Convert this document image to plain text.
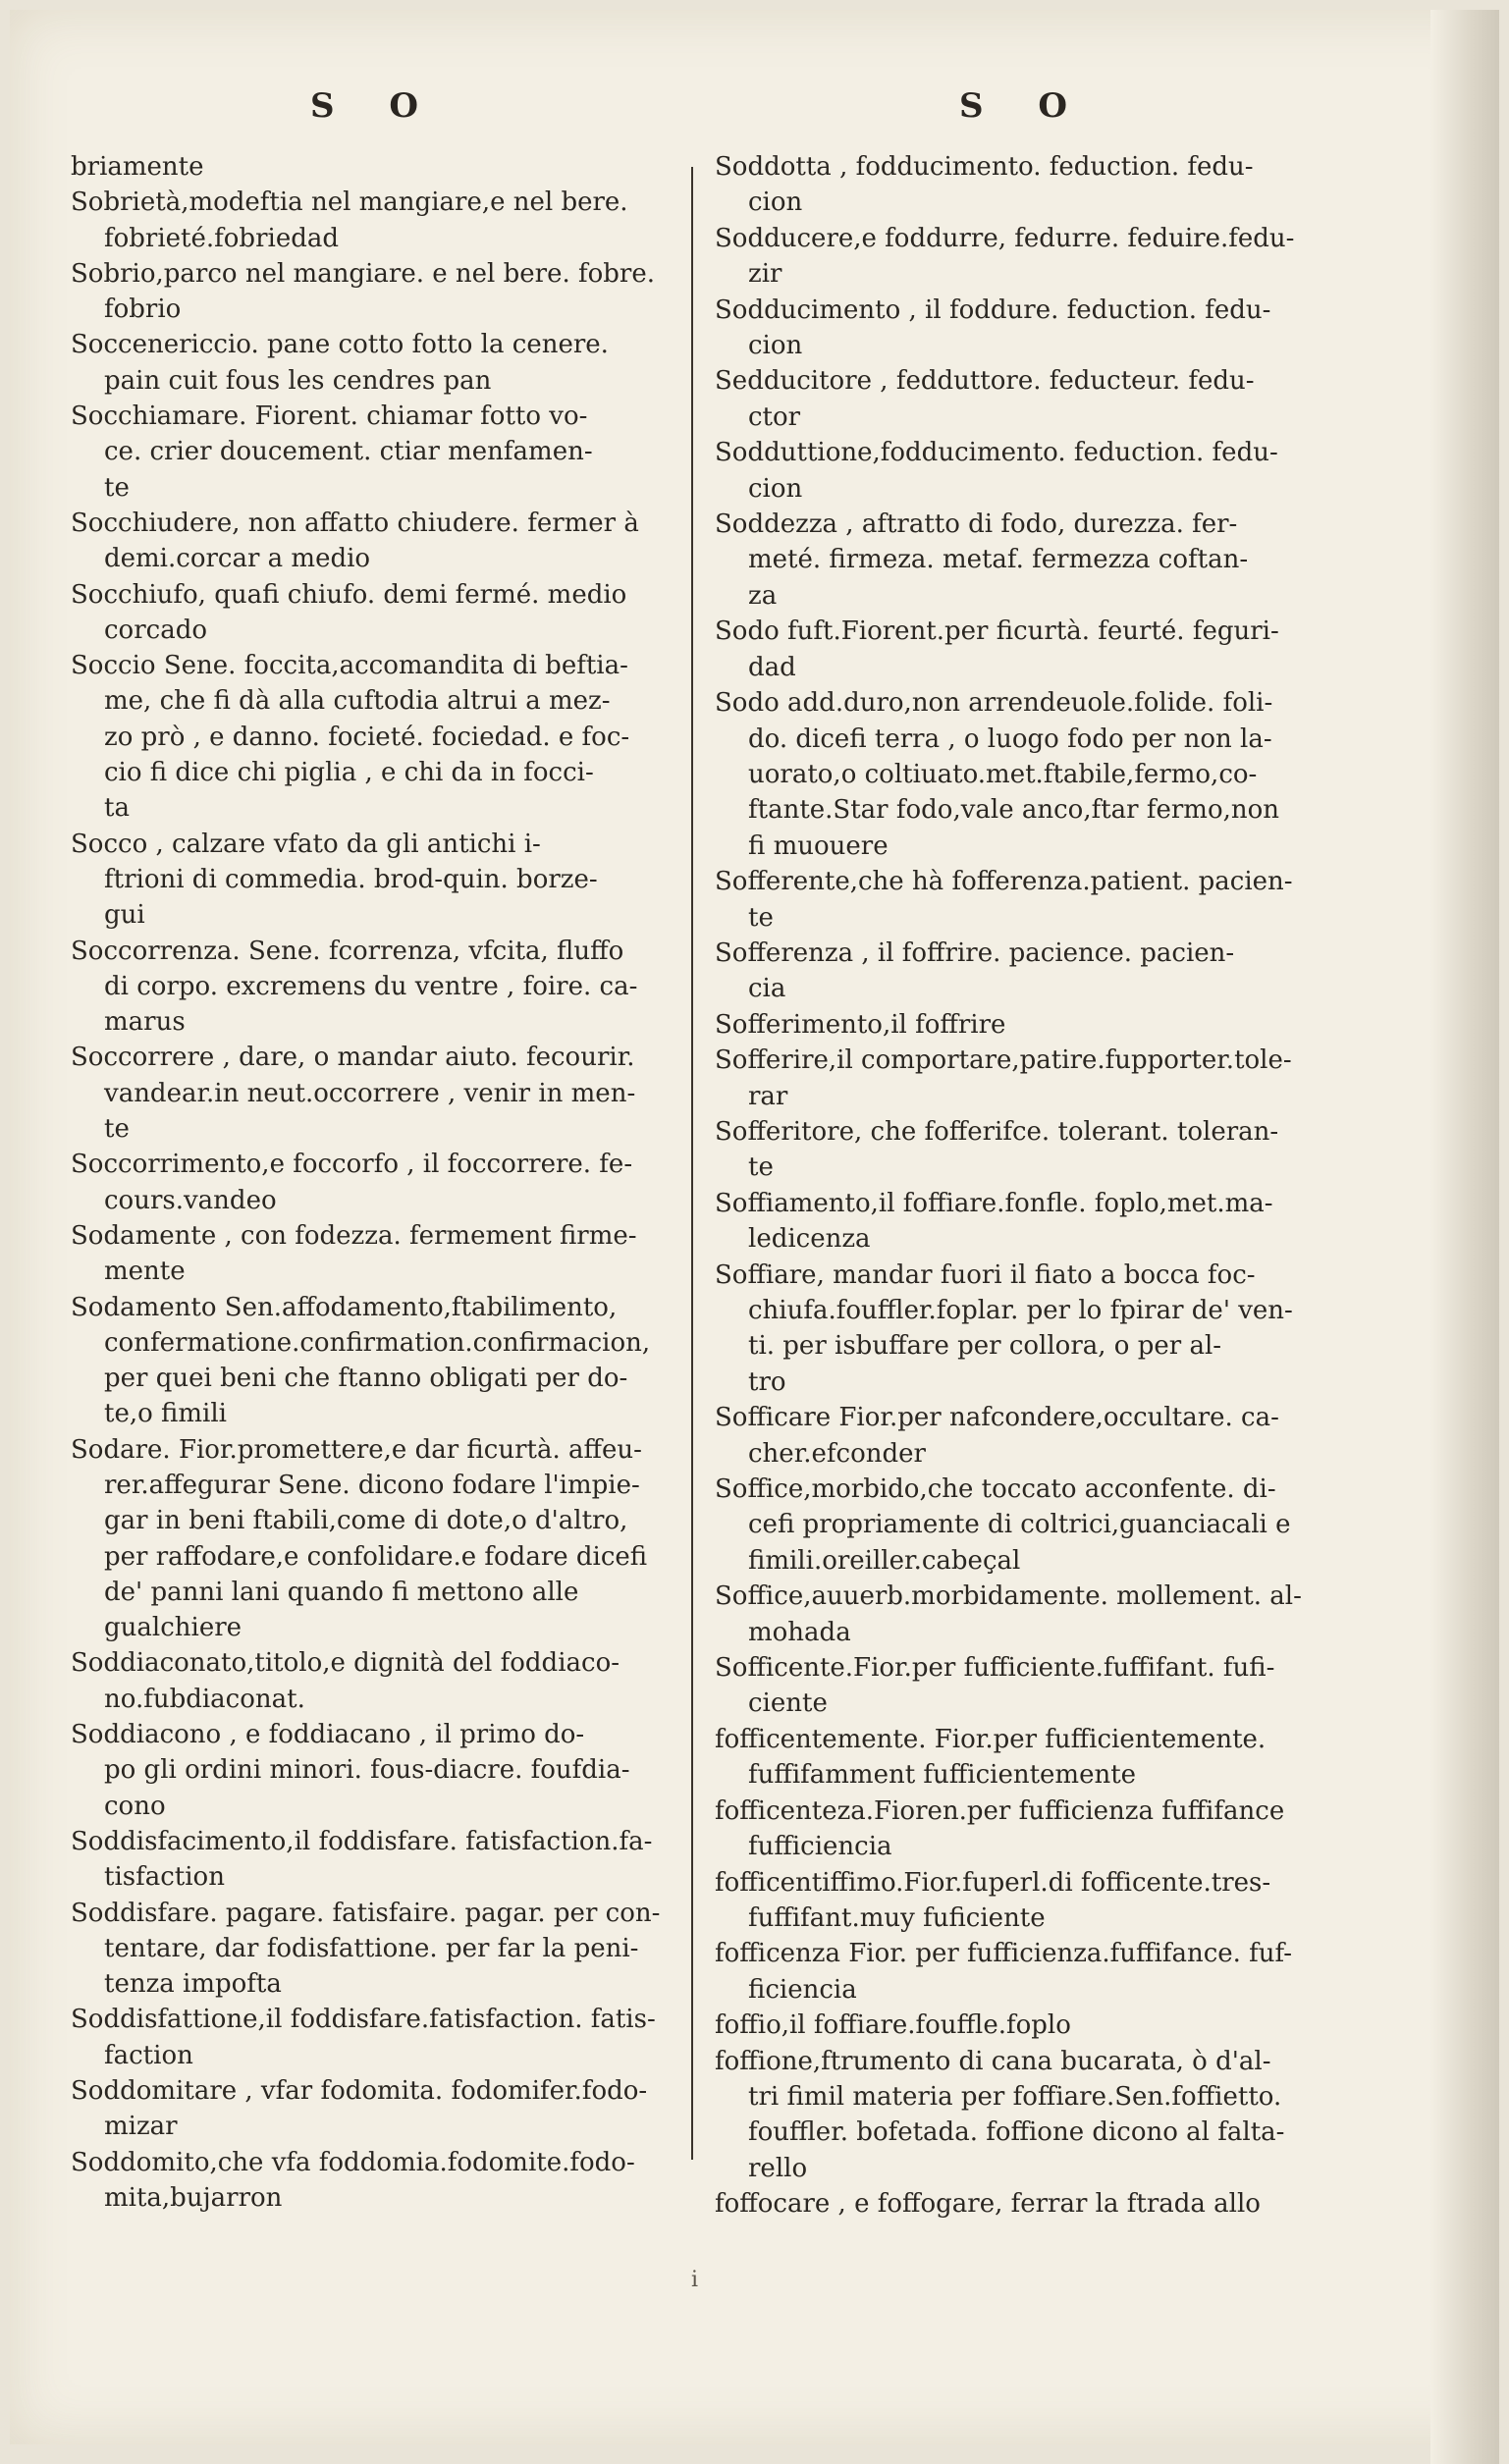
S O
briamente
Sobrietà,modeftia nel mangiare,e nel bere.
fobrieté.fobriedad
Sobrio,parco nel mangiare. e nel bere. fobre.
fobrio
Soccenericcio. pane cotto fotto la cenere.
pain cuit fous les cendres pan
Socchiamare. Fiorent. chiamar fotto vo-
ce. crier doucement. ctiar menfamen-
te
Socchiudere, non affatto chiudere. fermer à
demi.corcar a medio
Socchiufo, quafi chiufo. demi fermé. medio
corcado
Soccio Sene. foccita,accomandita di beftia-
me, che fi dà alla cuftodia altrui a mez-
zo prò , e danno. focieté. fociedad. e foc-
cio fi dice chi piglia , e chi da in focci-
ta
Socco , calzare vfato da gli antichi i-
ftrioni di commedia. brod-quin. borze-
gui
Soccorrenza. Sene. fcorrenza, vfcita, fluffo
di corpo. excremens du ventre , foire. ca-
marus
Soccorrere , dare, o mandar aiuto. fecourir.
vandear.in neut.occorrere , venir in men-
te
Soccorrimento,e foccorfo , il foccorrere. fe-
cours.vandeo
Sodamente , con fodezza. fermement firme-
mente
Sodamento Sen.affodamento,ftabilimento,
confermatione.confirmation.confirmacion,
per quei beni che ftanno obligati per do-
te,o fimili
Sodare. Fior.promettere,e dar ficurtà. affeu-
rer.affegurar Sene. dicono fodare l'impie-
gar in beni ftabili,come di dote,o d'altro,
per raffodare,e confolidare.e fodare dicefi
de' panni lani quando fi mettono alle
gualchiere
Soddiaconato,titolo,e dignità del foddiaco-
no.fubdiaconat.
Soddiacono , e foddiacano , il primo do-
po gli ordini minori. fous-diacre. foufdia-
cono
Soddisfacimento,il foddisfare. fatisfaction.fa-
tisfaction
Soddisfare. pagare. fatisfaire. pagar. per con-
tentare, dar fodisfattione. per far la peni-
tenza impofta
Soddisfattione,il foddisfare.fatisfaction. fatis-
faction
Soddomitare , vfar fodomita. fodomifer.fodo-
mizar
Soddomito,che vfa foddomia.fodomite.fodo-
mita,bujarron
S O
Soddotta , fodducimento. feduction. fedu-
cion
Sodducere,e foddurre, fedurre. feduire.fedu-
zir
Sodducimento , il foddure. feduction. fedu-
cion
Sedducitore , fedduttore. feducteur. fedu-
ctor
Sodduttione,fodducimento. feduction. fedu-
cion
Soddezza , aftratto di fodo, durezza. fer-
meté. firmeza. metaf. fermezza coftan-
za
Sodo fuft.Fiorent.per ficurtà. feurté. feguri-
dad
Sodo add.duro,non arrendeuole.folide. foli-
do. dicefi terra , o luogo fodo per non la-
uorato,o coltiuato.met.ftabile,fermo,co-
ftante.Star fodo,vale anco,ftar fermo,non
fi muouere
Sofferente,che hà fofferenza.patient. pacien-
te
Sofferenza , il foffrire. pacience. pacien-
cia
Sofferimento,il foffrire
Sofferire,il comportare,patire.fupporter.tole-
rar
Sofferitore, che fofferifce. tolerant. toleran-
te
Soffiamento,il foffiare.fonfle. foplo,met.ma-
ledicenza
Soffiare, mandar fuori il fiato a bocca foc-
chiufa.fouffler.foplar. per lo fpirar de' ven-
ti. per isbuffare per collora, o per al-
tro
Sofficare Fior.per nafcondere,occultare. ca-
cher.efconder
Soffice,morbido,che toccato acconfente. di-
cefi propriamente di coltrici,guanciacali e
fimili.oreiller.cabeçal
Soffice,auuerb.morbidamente. mollement. al-
mohada
Sofficente.Fior.per fufficiente.fuffifant. fufi-
ciente
fofficentemente. Fior.per fufficientemente.
fuffifamment fufficientemente
fofficenteza.Fioren.per fufficienza fuffifance
fufficiencia
fofficentiffimo.Fior.fuperl.di fofficente.tres-
fuffifant.muy fuficiente
fofficenza Fior. per fufficienza.fuffifance. fuf-
ficiencia
foffio,il foffiare.fouffle.foplo
foffione,ftrumento di cana bucarata, ò d'al-
tri fimil materia per foffiare.Sen.foffietto.
fouffler. bofetada. foffione dicono al falta-
rello
foffocare , e foffogare, ferrar la ftrada allo
i
